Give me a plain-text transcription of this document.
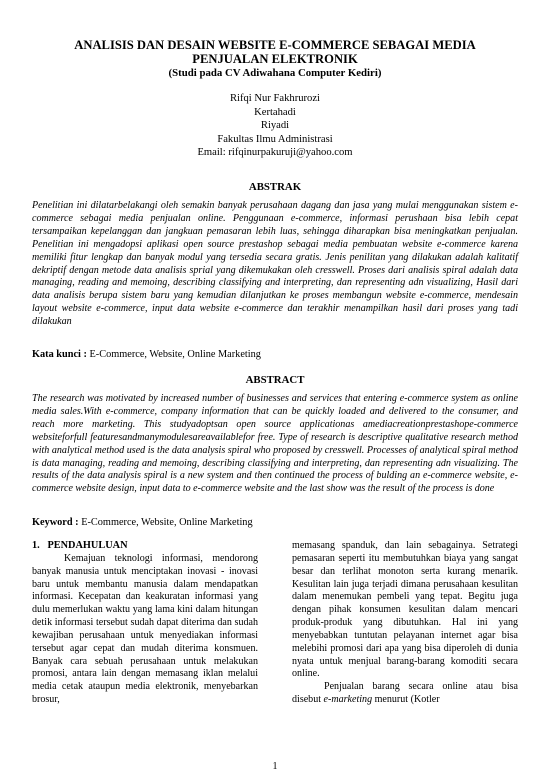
ANALISIS DAN DESAIN WEBSITE E-COMMERCE SEBAGAI MEDIA PENJUALAN ELEKTRONIK
(Studi pada CV Adiwahana Computer Kediri)
Rifqi Nur Fakhrurozi
Kertahadi
Riyadi
Fakultas Ilmu Administrasi
Email: rifqinurpakuruji@yahoo.com
ABSTRAK
Penelitian ini dilatarbelakangi oleh semakin banyak perusahaan dagang dan jasa yang mulai menggunakan sistem e-commerce sebagai media penjualan online. Penggunaan e-commerce, informasi perushaan bisa lebih cepat tersampaikan kepelanggan dan jangkuan pemasaran lebih luas, sehingga diharapkan bisa meningkatkan penjualan. Penelitian ini mengadopsi aplikasi open source prestashop sebagai media pembuatan website e-commerce karena memiliki fitur lengkap dan banyak modul yang tersedia secara gratis. Jenis penilitan yang dilakukan adalah kalitatif dekriptif dengan metode data analisis sprial yang dikemukakan oleh cresswell. Proses dari analisis spiral adalah data managing, reading and memoing, describing classifying and interpreting, dan representing adn visualizing, Hasil dari data analisis berupa sistem baru yang kemudian dilanjutkan ke proses membangun website e-commerce, mendesain layout website e-commerce, input data website e-commerce dan terakhir menampilkan hasil dari proses yang tadi dilakukan
Kata kunci : E-Commerce, Website, Online Marketing
ABSTRACT
The research was motivated by increased number of businesses and services that entering e-commerce system as online media sales.With e-commerce, company information that can be quickly loaded and delivered to the consumer, and reach more marketing. This studyadoptsan open source applicationas amediacreationprestashope-commerce websiteforfull featuresandmanymodulesareavailablefor free. Type of research is descriptive qualitative research method with analytical method used is the data analysis spiral who proposed by cresswell. Processes of analytical spiral method is data managing, reading and memoing, describing classifying and interpreting, dan representing adn visualizing. The results of the data analysis spiral is a new system and then continued the process of bulding an e-commerce website, e-commerce website design, input data to e-commerce website and the last show was the result of the process is done
Keyword : E-Commerce, Website, Online Marketing
1.   PENDAHULUAN

Kemajuan teknologi informasi, mendorong banyak manusia untuk menciptakan inovasi - inovasi baru untuk membantu manusia dalam mendapatkan informasi. Kecepatan dan keakuratan informasi yang dulu memerlukan waktu yang lama kini dalam hitungan detik informasi tersebut sudah dapat diterima dan sudah kewajiban perusahaan untuk menyediakan informasi tersebut agar cepat dan mudah diterima konsmuen. Banyak cara sebuah perusahaan untuk melakukan promosi, antara lain dengan memasang iklan melalui media cetak ataupun media elektronik, menyebarkan brosur,

memasang spanduk, dan lain sebagainya. Setrategi pemasaran seperti itu membutuhkan biaya yang sangat besar dan terlihat monoton serta kurang menarik. Kesulitan lain juga terjadi dimana perusahaan kesulitan dalam menemukan pembeli yang tepat. Begitu juga dengan pihak konsumen kesulitan dalam mencari produk-produk yang dibutuhkan. Hal ini yang menyebabkan tuntutan pelayanan internet agar bisa melebihi promosi dari apa yang bisa diperoleh di dunia nyata untuk menjual barang-barang komoditi secara online.

Penjualan barang secara online atau bisa disebut e-marketing menurut (Kotler

1
